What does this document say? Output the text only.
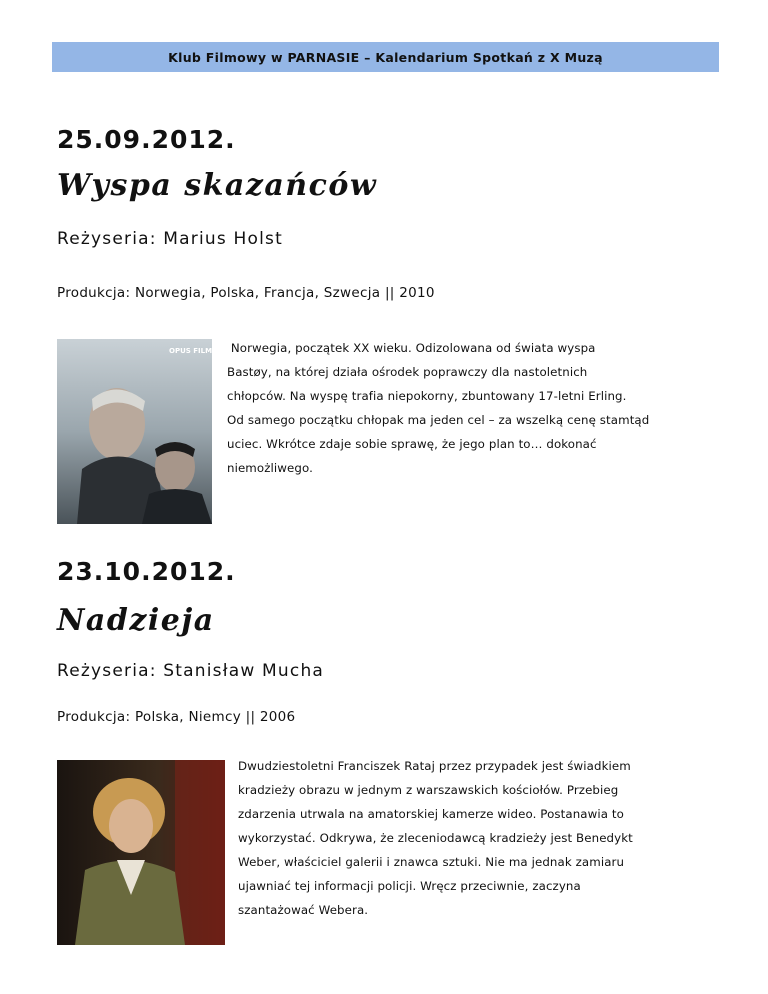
Klub Filmowy w PARNASIE – Kalendarium Spotkań z X Muzą

25.09.2012.

Wyspa skazańców

Reżyseria: Marius Holst

Produkcja: Norwegia, Polska, Francja, Szwecja || 2010

OPUS FILM Norwegia, początek XX wieku. Odizolowana od świata wyspa
Bastøy, na której działa ośrodek poprawczy dla nastoletnich
chłopców. Na wyspę trafia niepokorny, zbuntowany 17-letni Erling.
Od samego początku chłopak ma jeden cel – za wszelką cenę stamtąd
uciec. Wkrótce zdaje sobie sprawę, że jego plan to… dokonać
niemożliwego.

23.10.2012.

Nadzieja

Reżyseria: Stanisław Mucha

Produkcja: Polska, Niemcy || 2006

Dwudziestoletni Franciszek Rataj przez przypadek jest świadkiem
kradzieży obrazu w jednym z warszawskich kościołów. Przebieg
zdarzenia utrwala na amatorskiej kamerze wideo. Postanawia to
wykorzystać. Odkrywa, że zleceniodawcą kradzieży jest Benedykt
Weber, właściciel galerii i znawca sztuki. Nie ma jednak zamiaru
ujawniać tej informacji policji. Wręcz przeciwnie, zaczyna
szantażować Webera.
